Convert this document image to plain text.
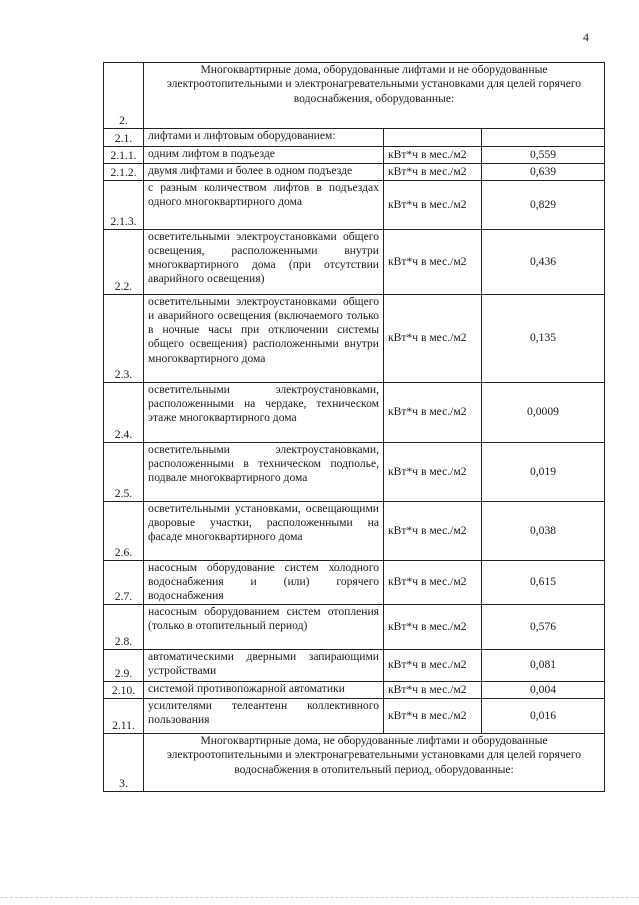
4
2.	Многоквартирные дома, оборудованные лифтами и не оборудованные электроотопительными и электронагревательными установками для целей горячего водоснабжения, оборудованные:		
2.1.	лифтами и лифтовым оборудованием:		
2.1.1.	одним лифтом в подъезде	кВт*ч в мес./м2	0,559
2.1.2.	двумя лифтами и более в одном подъезде	кВт*ч в мес./м2	0,639
2.1.3.	с разным количеством лифтов в подъездах одного многоквартирного дома	кВт*ч в мес./м2	0,829
2.2.	осветительными электроустановками общего освещения, расположенными внутри многоквартирного дома (при отсутствии аварийного освещения)	кВт*ч в мес./м2	0,436
2.3.	осветительными электроустановками общего и аварийного освещения (включаемого только в ночные часы при отключении системы общего освещения) расположенными внутри многоквартирного дома	кВт*ч в мес./м2	0,135
2.4.	осветительными электроустановками, расположенными на чердаке, техническом этаже многоквартирного дома	кВт*ч в мес./м2	0,0009
2.5.	осветительными электроустановками, расположенными в техническом подполье, подвале многоквартирного дома	кВт*ч в мес./м2	0,019
2.6.	осветительными установками, освещающими дворовые участки, расположенными на фасаде многоквартирного дома	кВт*ч в мес./м2	0,038
2.7.	насосным оборудование систем холодного водоснабжения и (или) горячего водоснабжения	кВт*ч в мес./м2	0,615
2.8.	насосным оборудованием систем отопления (только в отопительный период)	кВт*ч в мес./м2	0,576
2.9.	автоматическими дверными запирающими устройствами	кВт*ч в мес./м2	0,081
2.10.	системой противопожарной автоматики	кВт*ч в мес./м2	0,004
2.11.	усилителями телеантенн коллективного пользования	кВт*ч в мес./м2	0,016
3.	Многоквартирные дома, не оборудованные лифтами и оборудованные электроотопительными и электронагревательными установками для целей горячего водоснабжения в отопительный период, оборудованные:		
